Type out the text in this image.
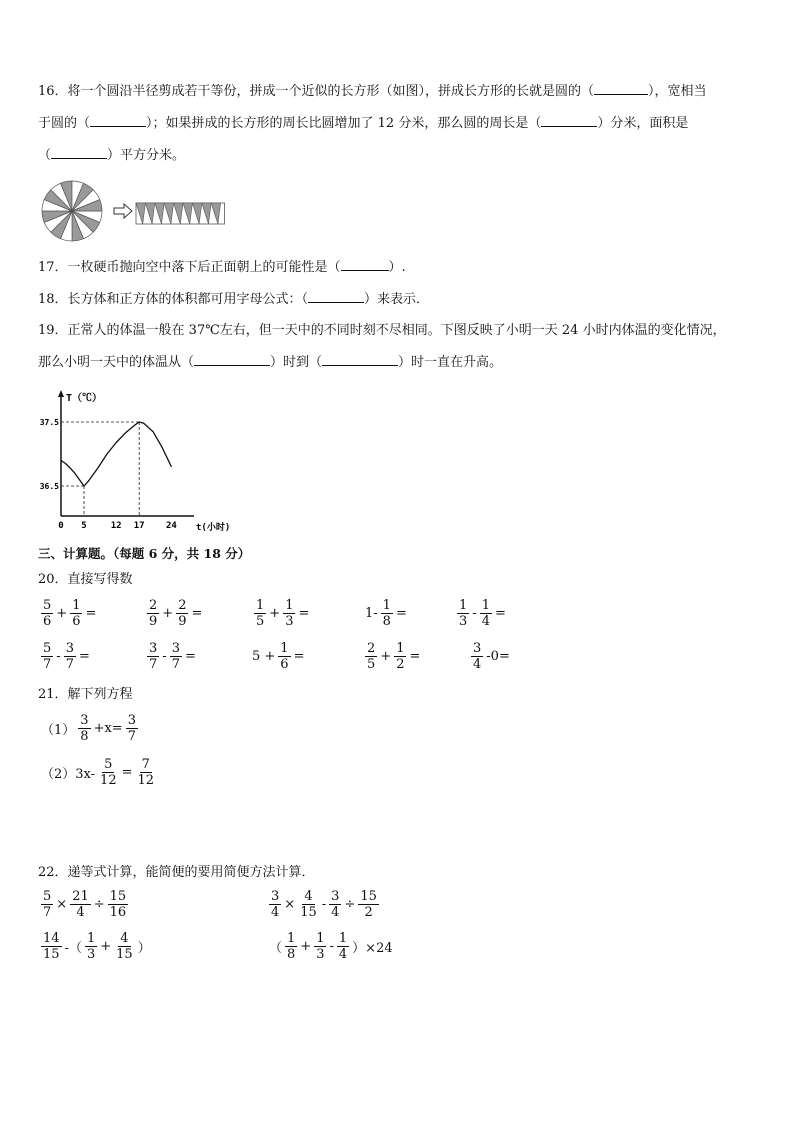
16．将一个圆沿半径剪成若干等份，拼成一个近似的长方形（如图），拼成长方形的长就是圆的（	），宽相当
于圆的（	）；如果拼成的长方形的周长比圆增加了 12 分米，那么圆的周长是（	）分米，面积是
（	）平方分米。
17．一枚硬币抛向空中落下后正面朝上的可能性是（	）.
18．长方体和正方体的体积都可用字母公式：（	）来表示．
19．正常人的体温一般在 37℃左右，但一天中的不同时刻不尽相同。下图反映了小明一天 24 小时内体温的变化情况，
那么小明一天中的体温从（	）时到（	）时一直在升高。
T（℃）
t(小时)
0 5	12 17 24
36.5
37.5
三、计算题。（每题 6 分，共 18 分）
20．直接写得数
$\frac{5}{6} + \frac{1}{6}$ =	$\frac{2}{9} + \frac{2}{9}$ =	$\frac{1}{5} + \frac{1}{3}$ =	$1- \frac{1}{8}$ =	$\frac{1}{3} - \frac{1}{4}$ =
$\frac{5}{7} - \frac{3}{7}$ =	$\frac{3}{7} - \frac{3}{7}$ =	$5 + \frac{1}{6}$ =	$\frac{2}{5} + \frac{1}{2}$ =	$\frac{3}{4} -0=$
21．解下列方程
$(1) \frac{3}{8} +x= \frac{3}{7}$
$(2)3x- \frac{5}{12} = \frac{7}{12}$
22．递等式计算，能简便的要用简便方法计算．
$\frac{5}{7} \times \frac{21}{4} \div \frac{15}{16}$	$\frac{3}{4} \times \frac{4}{15} - \frac{3}{4} \div \frac{15}{2}$
$\frac{14}{15}$ -（ $\frac{1}{3} + \frac{4}{15}$ ）	（ $\frac{1}{8} + \frac{1}{3} - \frac{1}{4} )\times 24$
